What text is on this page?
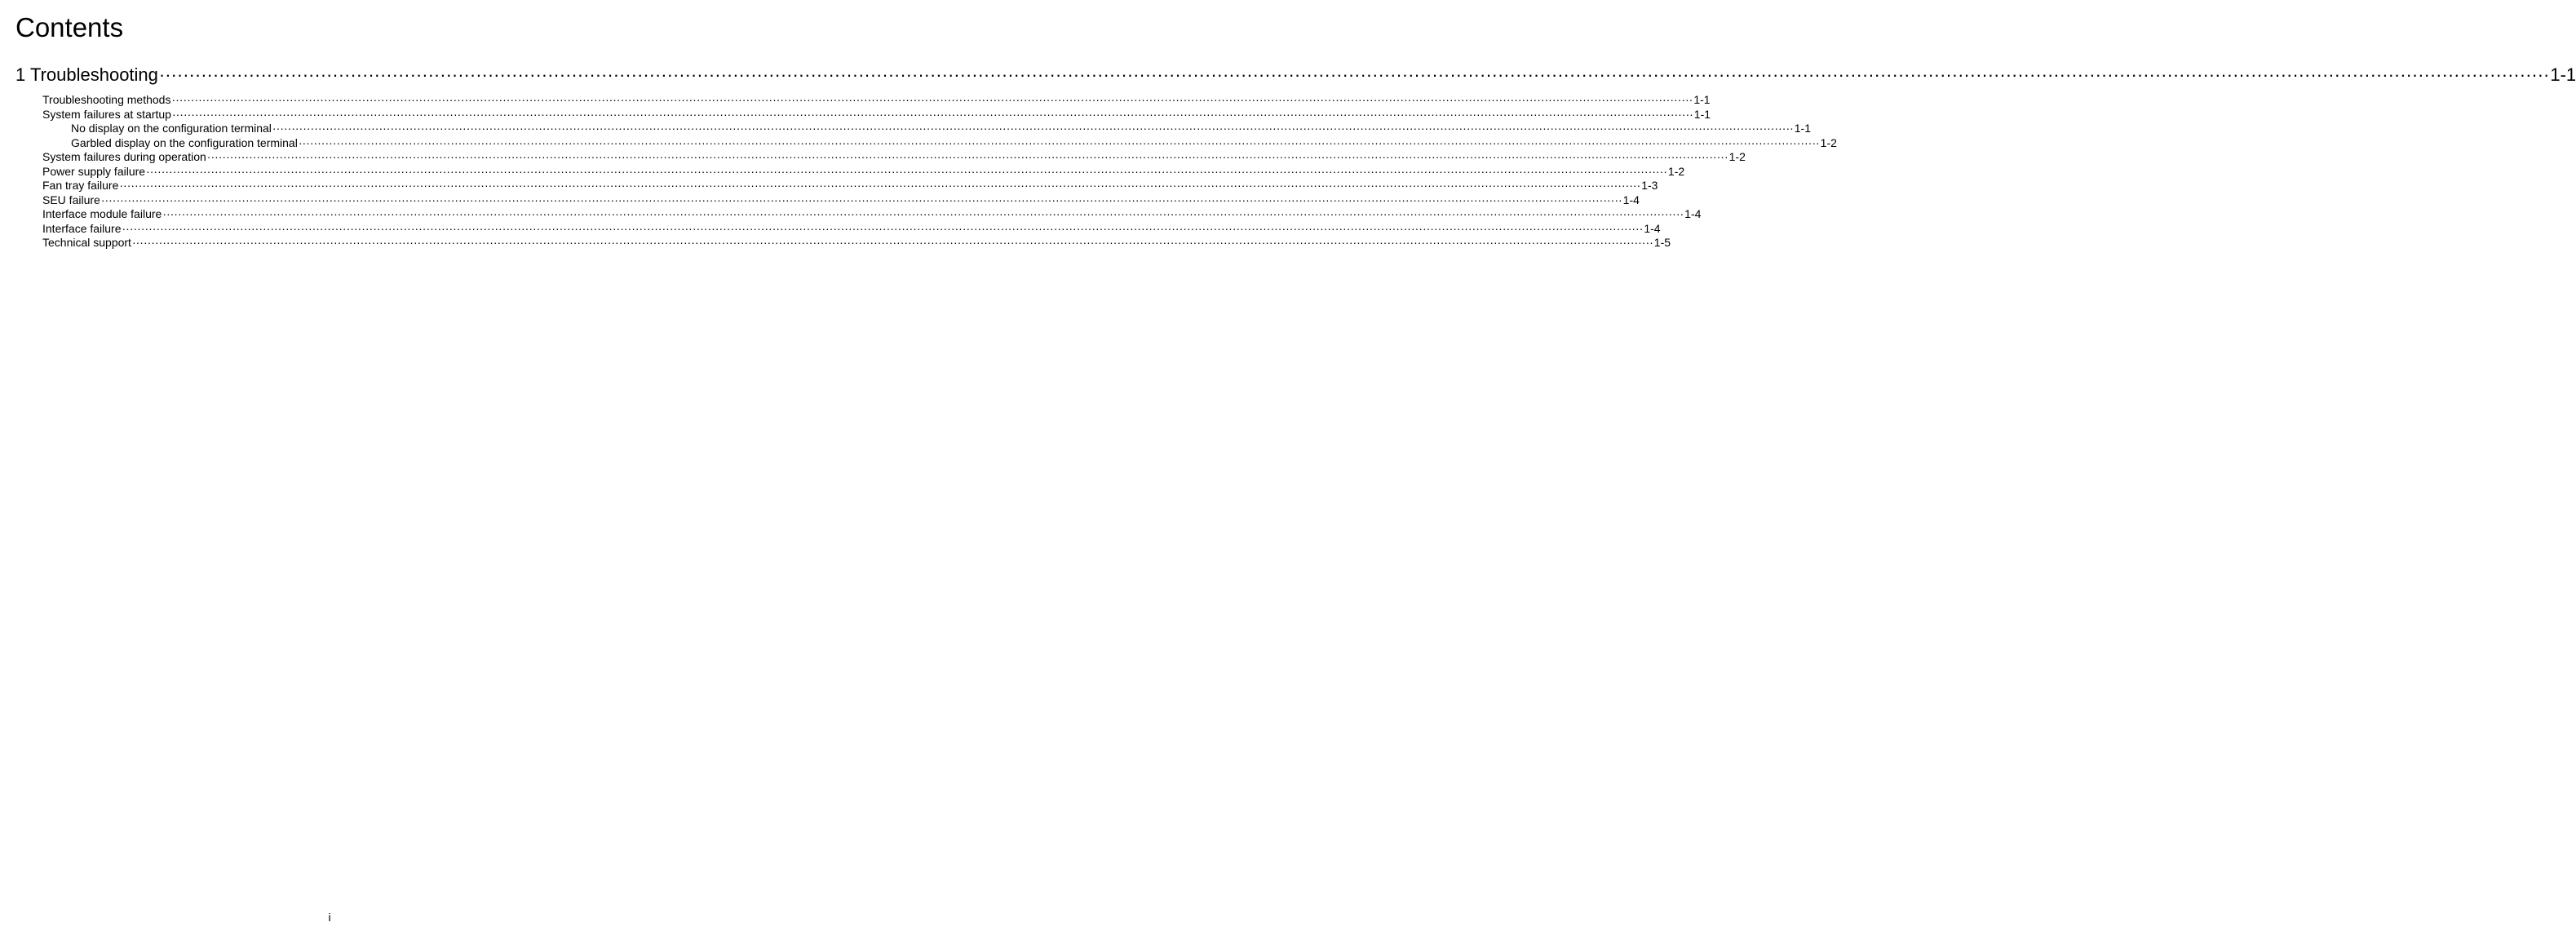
Contents
1 Troubleshooting ················································································································································································································································································································································································································ 1-1
Troubleshooting methods ················································································································································································································································································································································································································ 1-1
System failures at startup ················································································································································································································································································································································································································ 1-1
No display on the configuration terminal ················································································································································································································································································································································································································ 1-1
Garbled display on the configuration terminal ················································································································································································································································································································································································································ 1-2
System failures during operation ················································································································································································································································································································································································································ 1-2
Power supply failure ················································································································································································································································································································································································································ 1-2
Fan tray failure ················································································································································································································································································································································································································ 1-3
SEU failure ················································································································································································································································································································································································································ 1-4
Interface module failure ················································································································································································································································································································································································································ 1-4
Interface failure ················································································································································································································································································································································································································ 1-4
Technical support ················································································································································································································································································································································································································ 1-5
i
